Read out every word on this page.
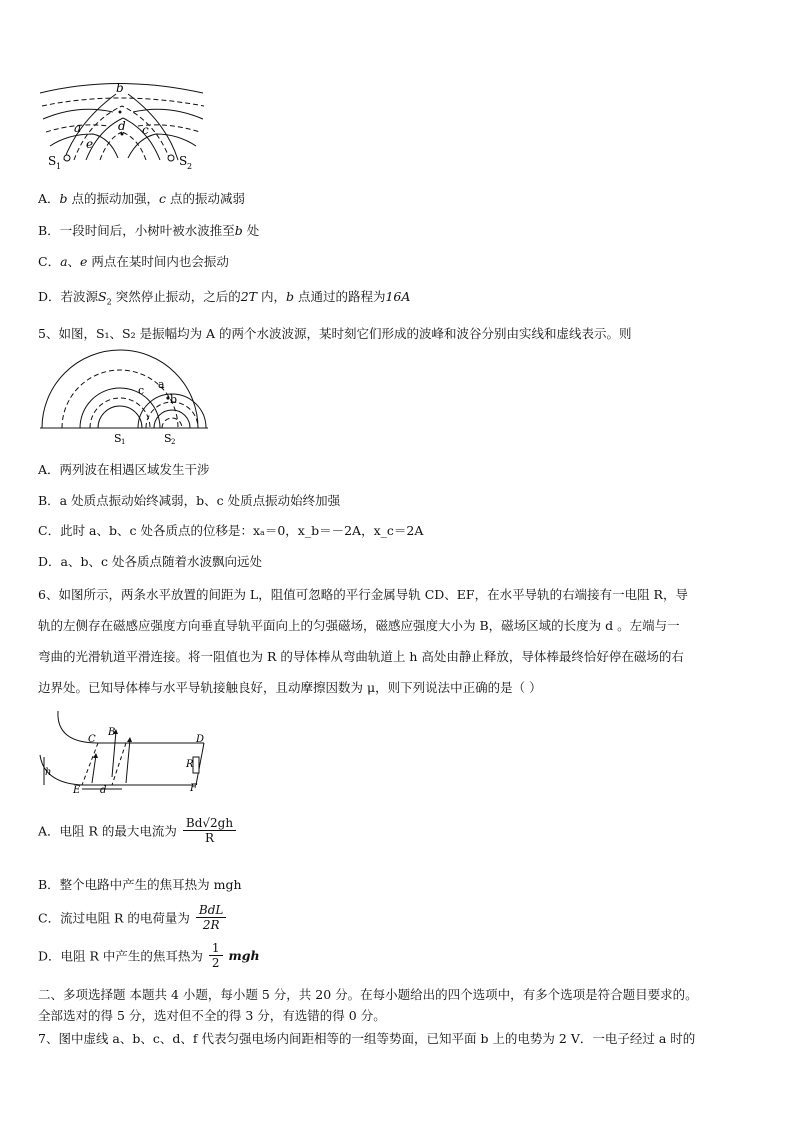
b
a	d c
e
S 1	S 2
A．b 点的振动加强，c 点的振动减弱
B．一段时间后，小树叶被水波推至b 处
C．a、e 两点在某时间内也会振动
D．若波源$S_2$ 突然停止振动，之后的2T 内，b 点通过的路程为16A
5、如图，S₁、S₂ 是振幅均为 A 的两个水波波源，某时刻它们形成的波峰和波谷分别由实线和虚线表示。则
c a
b
S 1	S 2
A．两列波在相遇区域发生干涉
B．a 处质点振动始终减弱，b、c 处质点振动始终加强
C．此时 a、b、c 处各质点的位移是：xₐ＝0，x_b＝－2A，x_c＝2A
D．a、b、c 处各质点随着水波飘向远处
6、如图所示，两条水平放置的间距为 L，阻值可忽略的平行金属导轨 CD、EF，在水平导轨的右端接有一电阻 R，导
轨的左侧存在磁感应强度方向垂直导轨平面向上的匀强磁场，磁感应强度大小为 B，磁场区域的长度为 d 。左端与一
弯曲的光滑轨道平滑连接。将一阻值也为 R 的导体棒从弯曲轨道上 h 高处由静止释放，导体棒最终恰好停在磁场的右
边界处。已知导体棒与水平导轨接触良好，且动摩擦因数为 μ，则下列说法中正确的是（ ）
C
B
D
R
h
E d	F
A．电阻 R 的最大电流为 $\frac{Bd√2gh}{R}$
B．整个电路中产生的焦耳热为 mgh
C．流过电阻 R 的电荷量为 $\frac{\text{BdL}}{2R}$
D．电阻 R 中产生的焦耳热为 $\frac{1}{2}$ mgh
二、多项选择题 本题共 4 小题，每小题 5 分，共 20 分。在每小题给出的四个选项中，有多个选项是符合题目要求的。
全部选对的得 5 分，选对但不全的得 3 分，有选错的得 0 分。
7、图中虚线 a、b、c、d、f 代表匀强电场内间距相等的一组等势面，已知平面 b 上的电势为 2 V．一电子经过 a 时的
